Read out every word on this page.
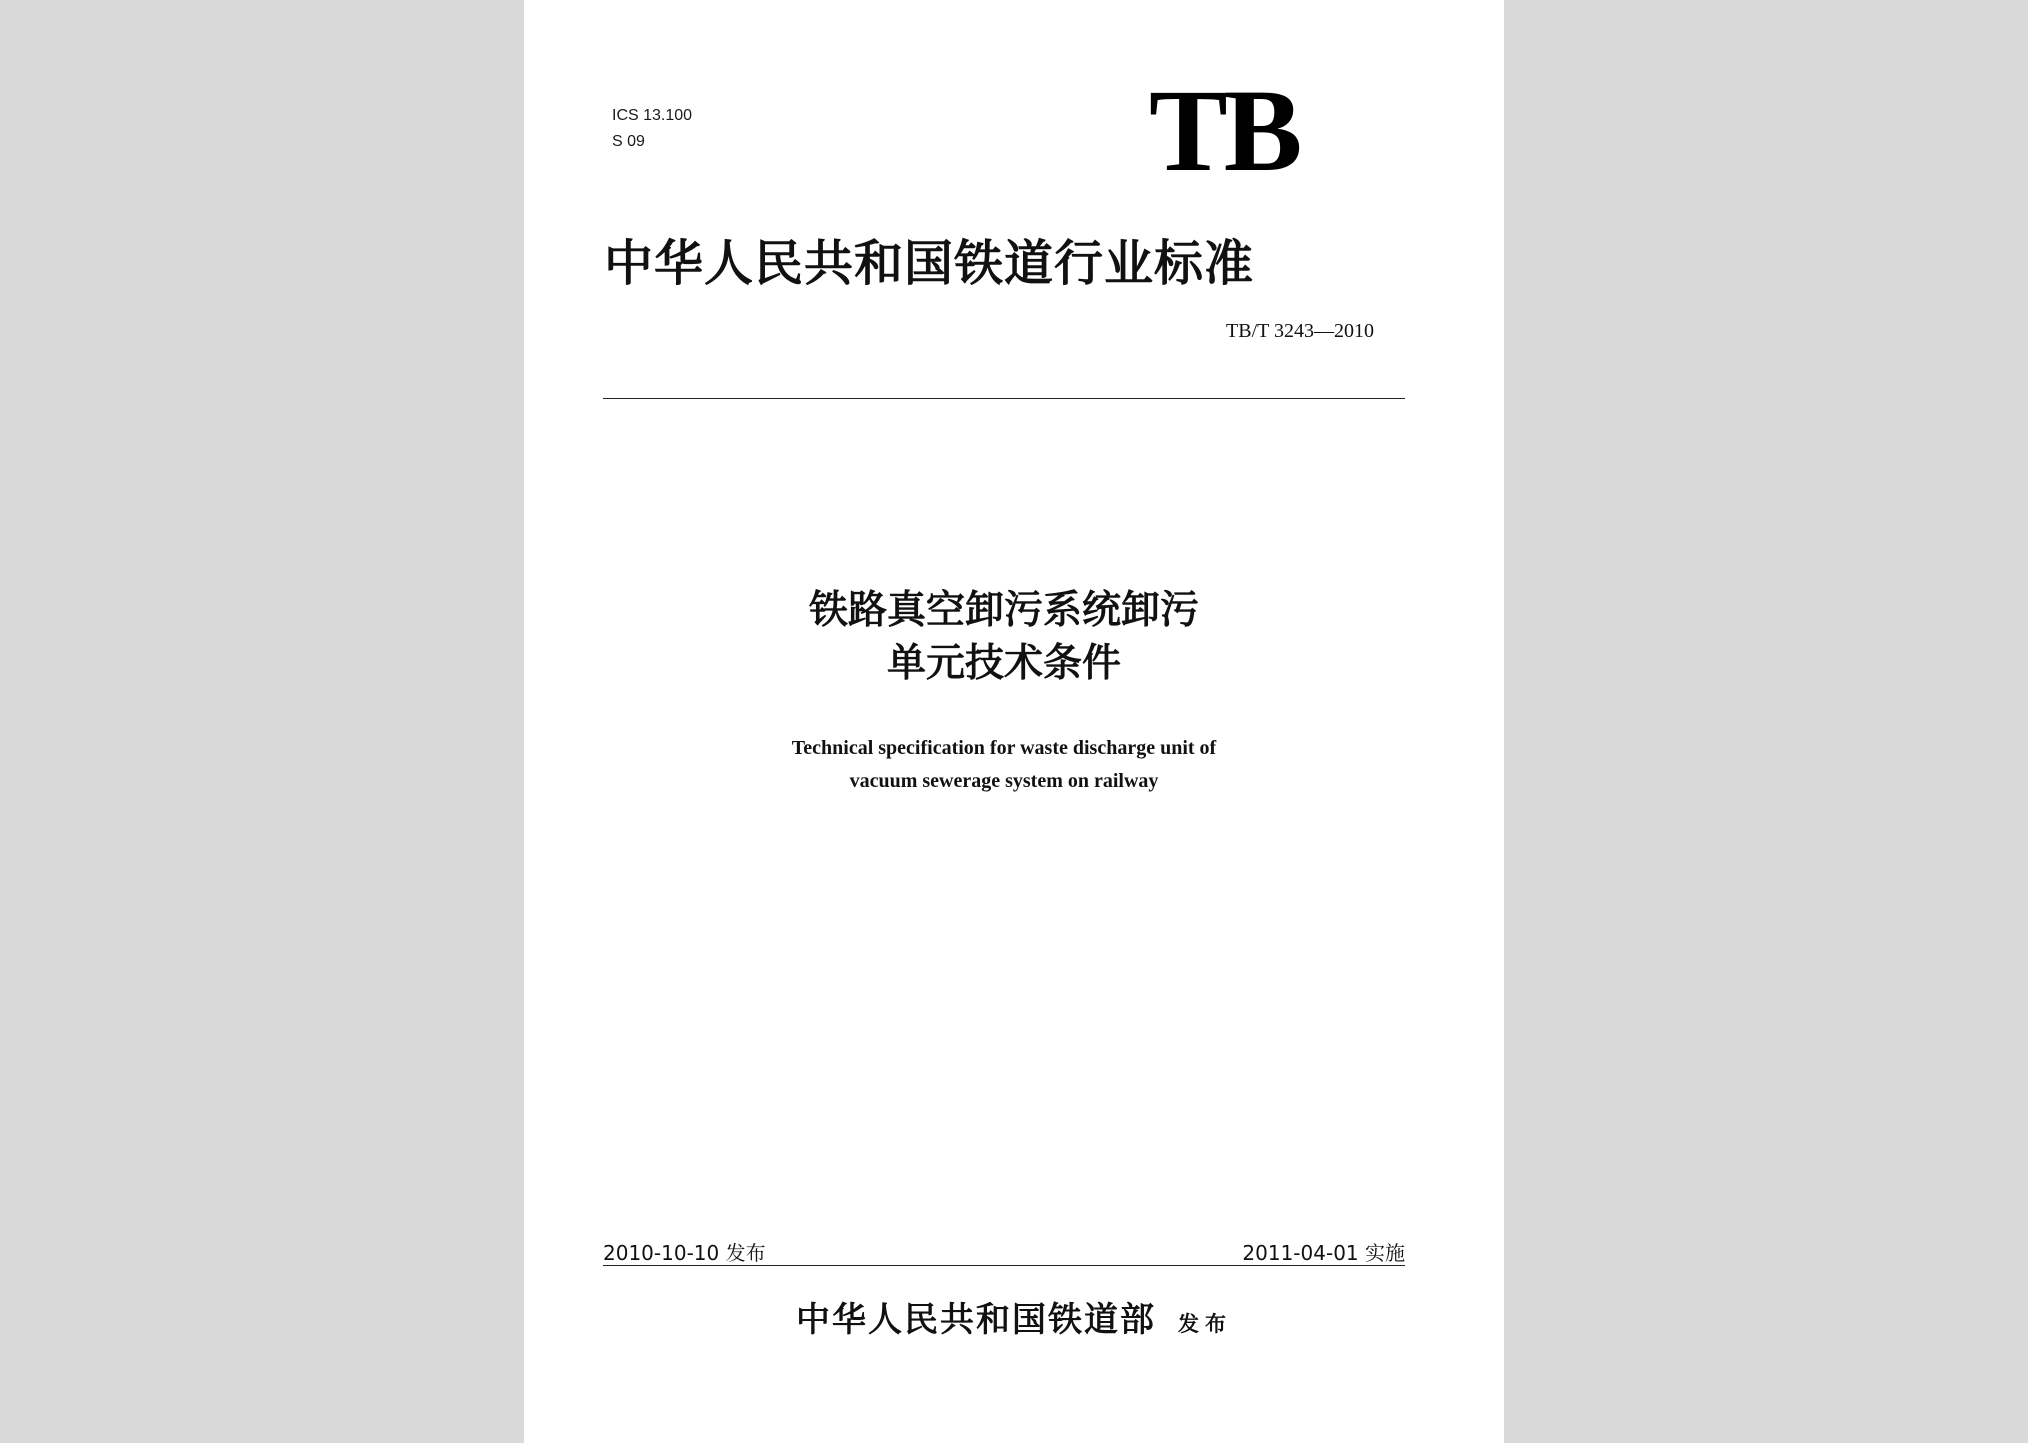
ICS 13.100
S 09	TB
中华人民共和国铁道行业标准
TB/T 3243—2010
铁路真空卸污系统卸污
单元技术条件
Technical specification for waste discharge unit of
vacuum sewerage system on railway
2010-10-10 发布	2011-04-01 实施
中华人民共和国铁道部 发布
